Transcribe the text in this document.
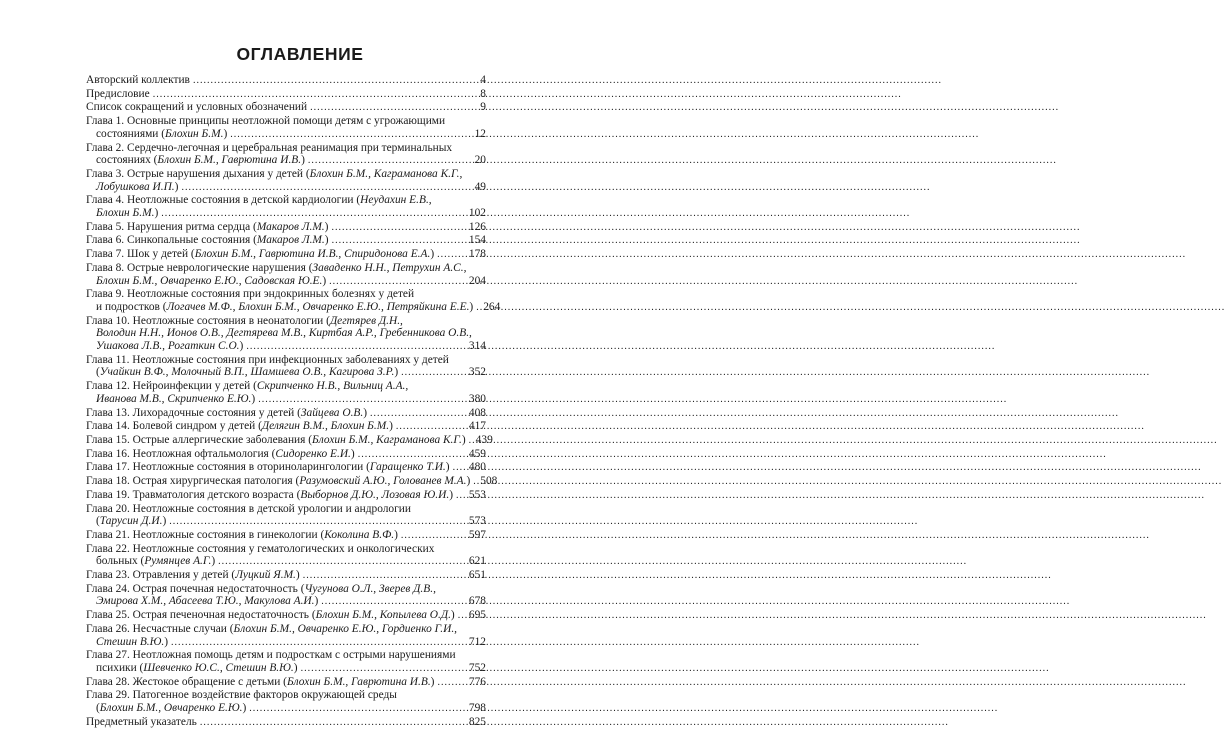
ОГЛАВЛЕНИЕ
Авторский коллектив .....	4
Предисловие .....	8
Список сокращений и условных обозначений .....	9
Глава 1. Основные принципы неотложной помощи детям с угрожающими
состояниями (Блохин Б.М.) .....	12
Глава 2. Сердечно-легочная и церебральная реанимация при терминальных
состояниях (Блохин Б.М., Гаврютина И.В.) .....	20
Глава 3. Острые нарушения дыхания у детей (Блохин Б.М., Каграманова К.Г.,
Лобушкова И.П.) .....	49
Глава 4. Неотложные состояния в детской кардиологии (Неудахин Е.В.,
Блохин Б.М.) .....	102
Глава 5. Нарушения ритма сердца (Макаров Л.М.) .....	126
Глава 6. Синкопальные состояния (Макаров Л.М.) .....	154
Глава 7. Шок у детей (Блохин Б.М., Гаврютина И.В., Спиридонова Е.А.) .....	178
Глава 8. Острые неврологические нарушения (Заваденко Н.Н., Петрухин А.С.,
Блохин Б.М., Овчаренко Е.Ю., Садовская Ю.Е.) .....	204
Глава 9. Неотложные состояния при эндокринных болезнях у детей
и подростков (Логачев М.Ф., Блохин Б.М., Овчаренко Е.Ю., Петряйкина Е.Е.) ..... 264
Глава 10. Неотложные состояния в неонатологии (Дегтярев Д.Н.,
Володин Н.Н., Ионов О.В., Дегтярева М.В., Киртбая А.Р., Гребенникова О.В.,
Ушакова Л.В., Рогаткин С.О.) .....	314
Глава 11. Неотложные состояния при инфекционных заболеваниях у детей
(Учайкин В.Ф., Молочный В.П., Шамшева О.В., Кагирова З.Р.) .....	352
Глава 12. Нейроинфекции у детей (Скрипченко Н.В., Вильниц А.А.,
Иванова М.В., Скрипченко Е.Ю.) .....	380
Глава 13. Лихорадочные состояния у детей (Зайцева О.В.) .....	408
Глава 14. Болевой синдром у детей (Делягин В.М., Блохин Б.М.) .....	417
Глава 15. Острые аллергические заболевания (Блохин Б.М., Каграманова К.Г.) ..... 439
Глава 16. Неотложная офтальмология (Сидоренко Е.И.) .....	459
Глава 17. Неотложные состояния в оториноларингологии (Гаращенко Т.И.) ..... 480
Глава 18. Острая хирургическая патология (Разумовский А.Ю., Голованев М.А.) ..... 508
Глава 19. Травматология детского возраста (Выборнов Д.Ю., Лозовая Ю.И.) ..... 553
Глава 20. Неотложные состояния в детской урологии и андрологии
(Тарусин Д.И.) .....	573
Глава 21. Неотложные состояния в гинекологии (Коколина В.Ф.) .....	597
Глава 22. Неотложные состояния у гематологических и онкологических
больных (Румянцев А.Г.) .....	621
Глава 23. Отравления у детей (Луцкий Я.М.) .....	651
Глава 24. Острая почечная недостаточность (Чугунова О.Л., Зверев Д.В.,
Эмирова Х.М., Абасеева Т.Ю., Макулова А.И.) .....	678
Глава 25. Острая печеночная недостаточность (Блохин Б.М., Копылева О.Д.) ..... 695
Глава 26. Несчастные случаи (Блохин Б.М., Овчаренко Е.Ю., Гордиенко Г.И.,
Стешин В.Ю.) .....	712
Глава 27. Неотложная помощь детям и подросткам с острыми нарушениями
психики (Шевченко Ю.С., Стешин В.Ю.) .....	752
Глава 28. Жестокое обращение с детьми (Блохин Б.М., Гаврютина И.В.) .....	776
Глава 29. Патогенное воздействие факторов окружающей среды
(Блохин Б.М., Овчаренко Е.Ю.) .....	798
Предметный указатель .....	825
